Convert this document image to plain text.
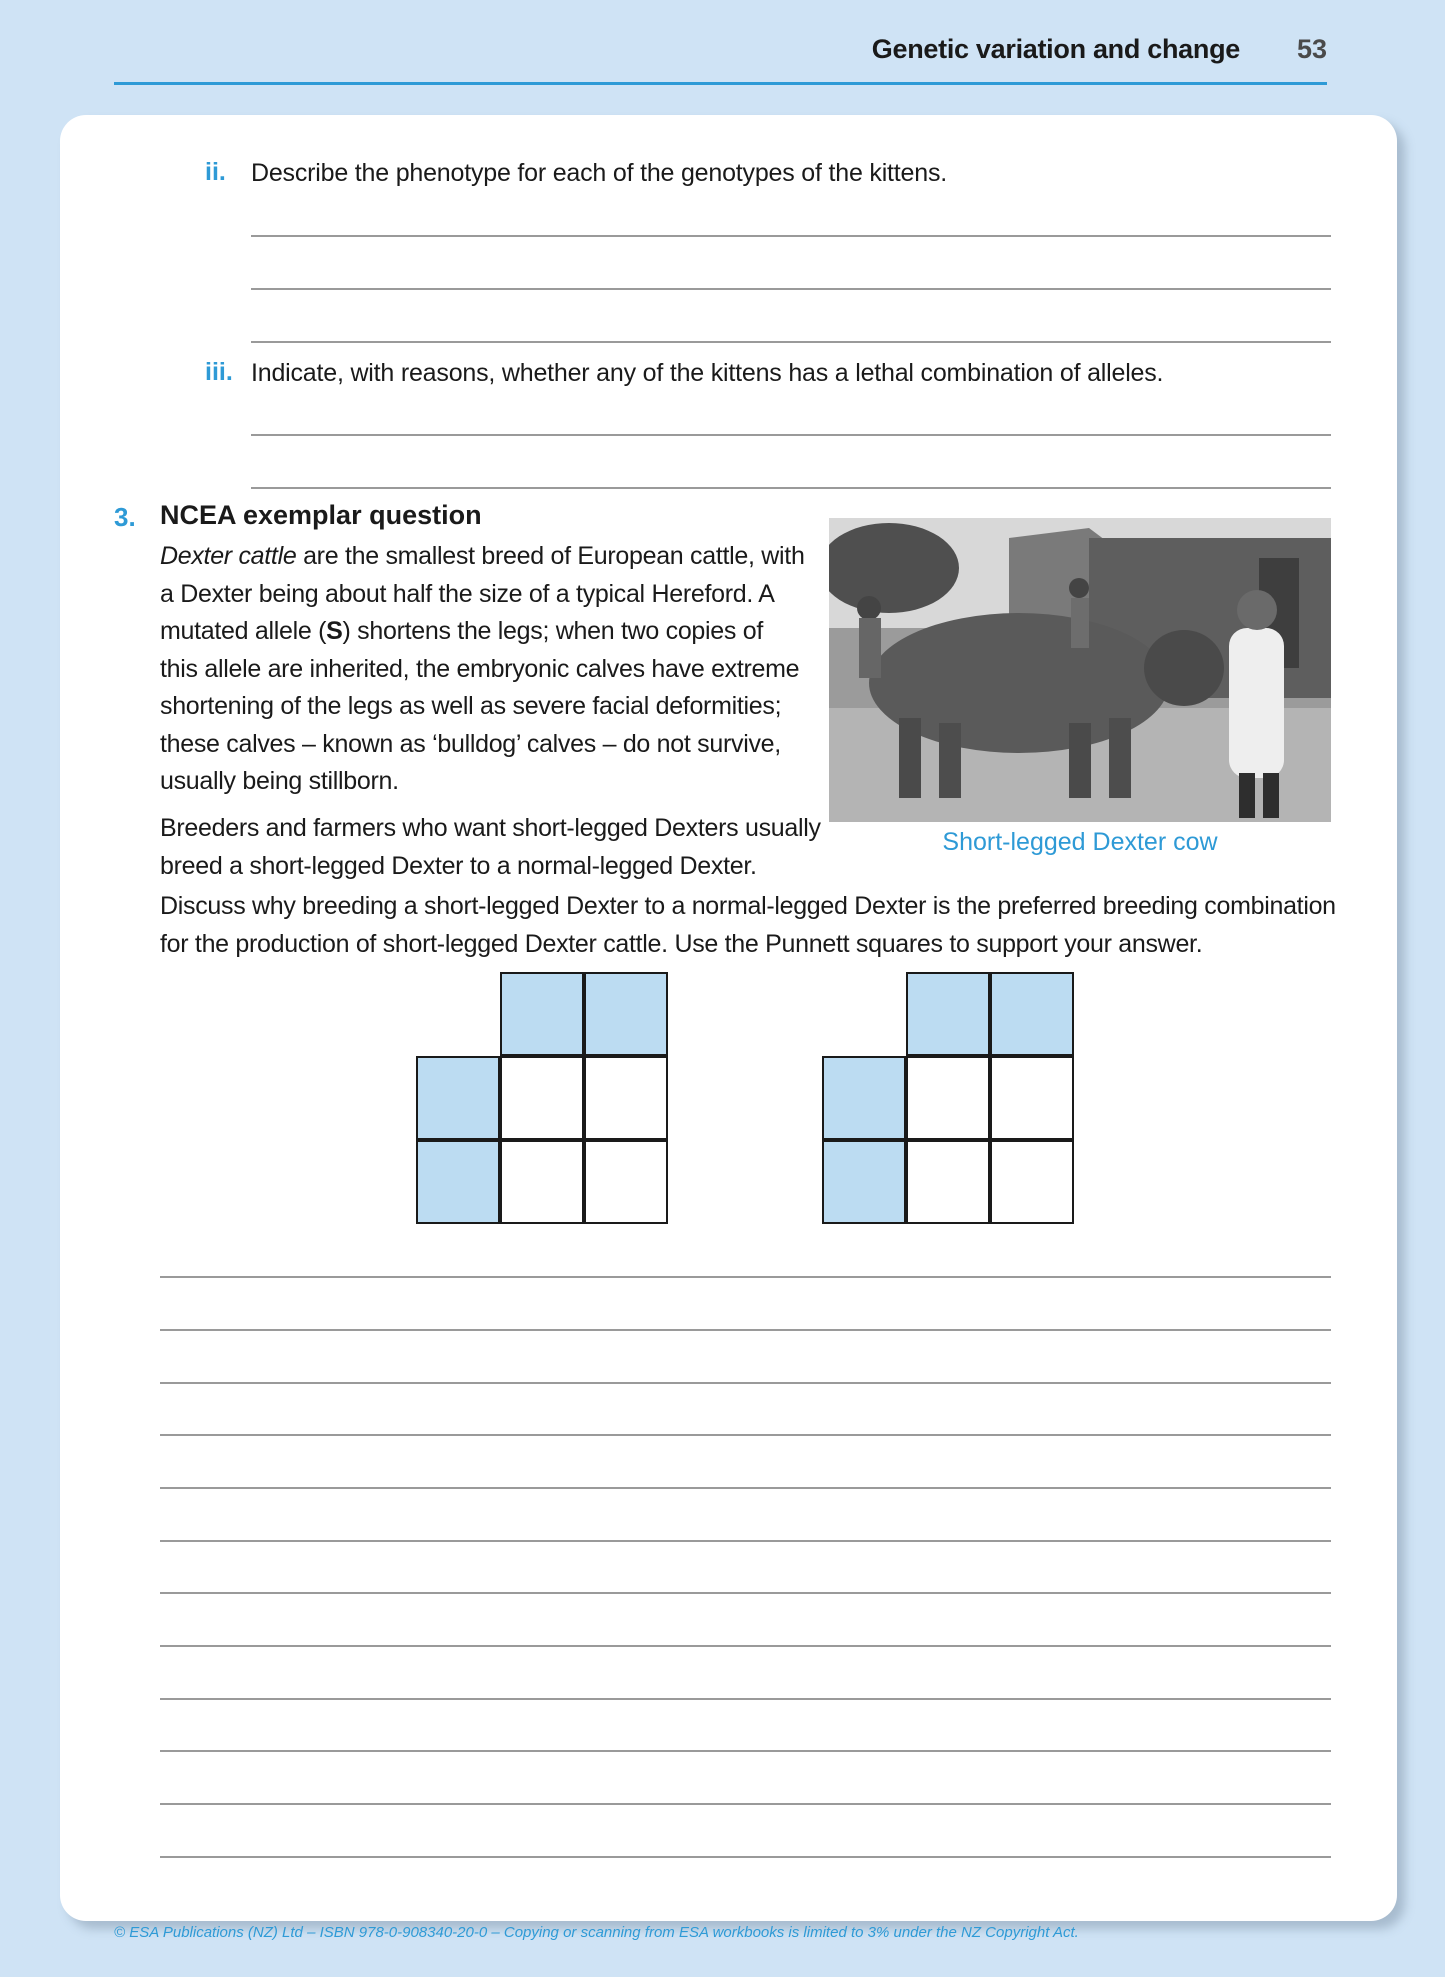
Genetic variation and change 53
ii. Describe the phenotype for each of the genotypes of the kittens.
iii. Indicate, with reasons, whether any of the kittens has a lethal combination of alleles.
3. NCEA exemplar question

Dexter cattle are the smallest breed of European cattle, with
a Dexter being about half the size of a typical Hereford. A
mutated allele (S) shortens the legs; when two copies of
this allele are inherited, the embryonic calves have extreme
shortening of the legs as well as severe facial deformities;
these calves – known as ‘bulldog’ calves – do not survive,
usually being stillborn.

Breeders and farmers who want short-legged Dexters usually
breed a short-legged Dexter to a normal-legged Dexter.

Discuss why breeding a short-legged Dexter to a normal-legged Dexter is the preferred breeding combination
for the production of short-legged Dexter cattle. Use the Punnett squares to support your answer.

Short-legged Dexter cow
© ESA Publications (NZ) Ltd – ISBN 978-0-908340-20-0 – Copying or scanning from ESA workbooks is limited to 3% under the NZ Copyright Act.
